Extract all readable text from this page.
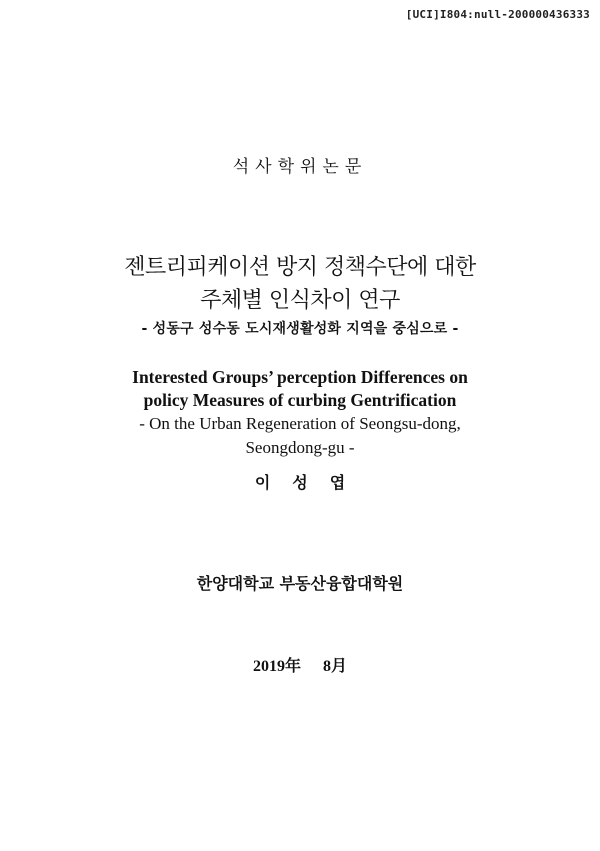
[UCI]I804:null-200000436333
석사학위논문
젠트리피케이션 방지 정책수단에 대한
주체별 인식차이 연구
- 성동구 성수동 도시재생활성화 지역을 중심으로 -
Interested Groups’ perception Differences on
policy Measures of curbing Gentrification
- On the Urban Regeneration of Seongsu-dong,
Seongdong-gu -
이성엽
한양대학교 부동산융합대학원
2019年 8月
